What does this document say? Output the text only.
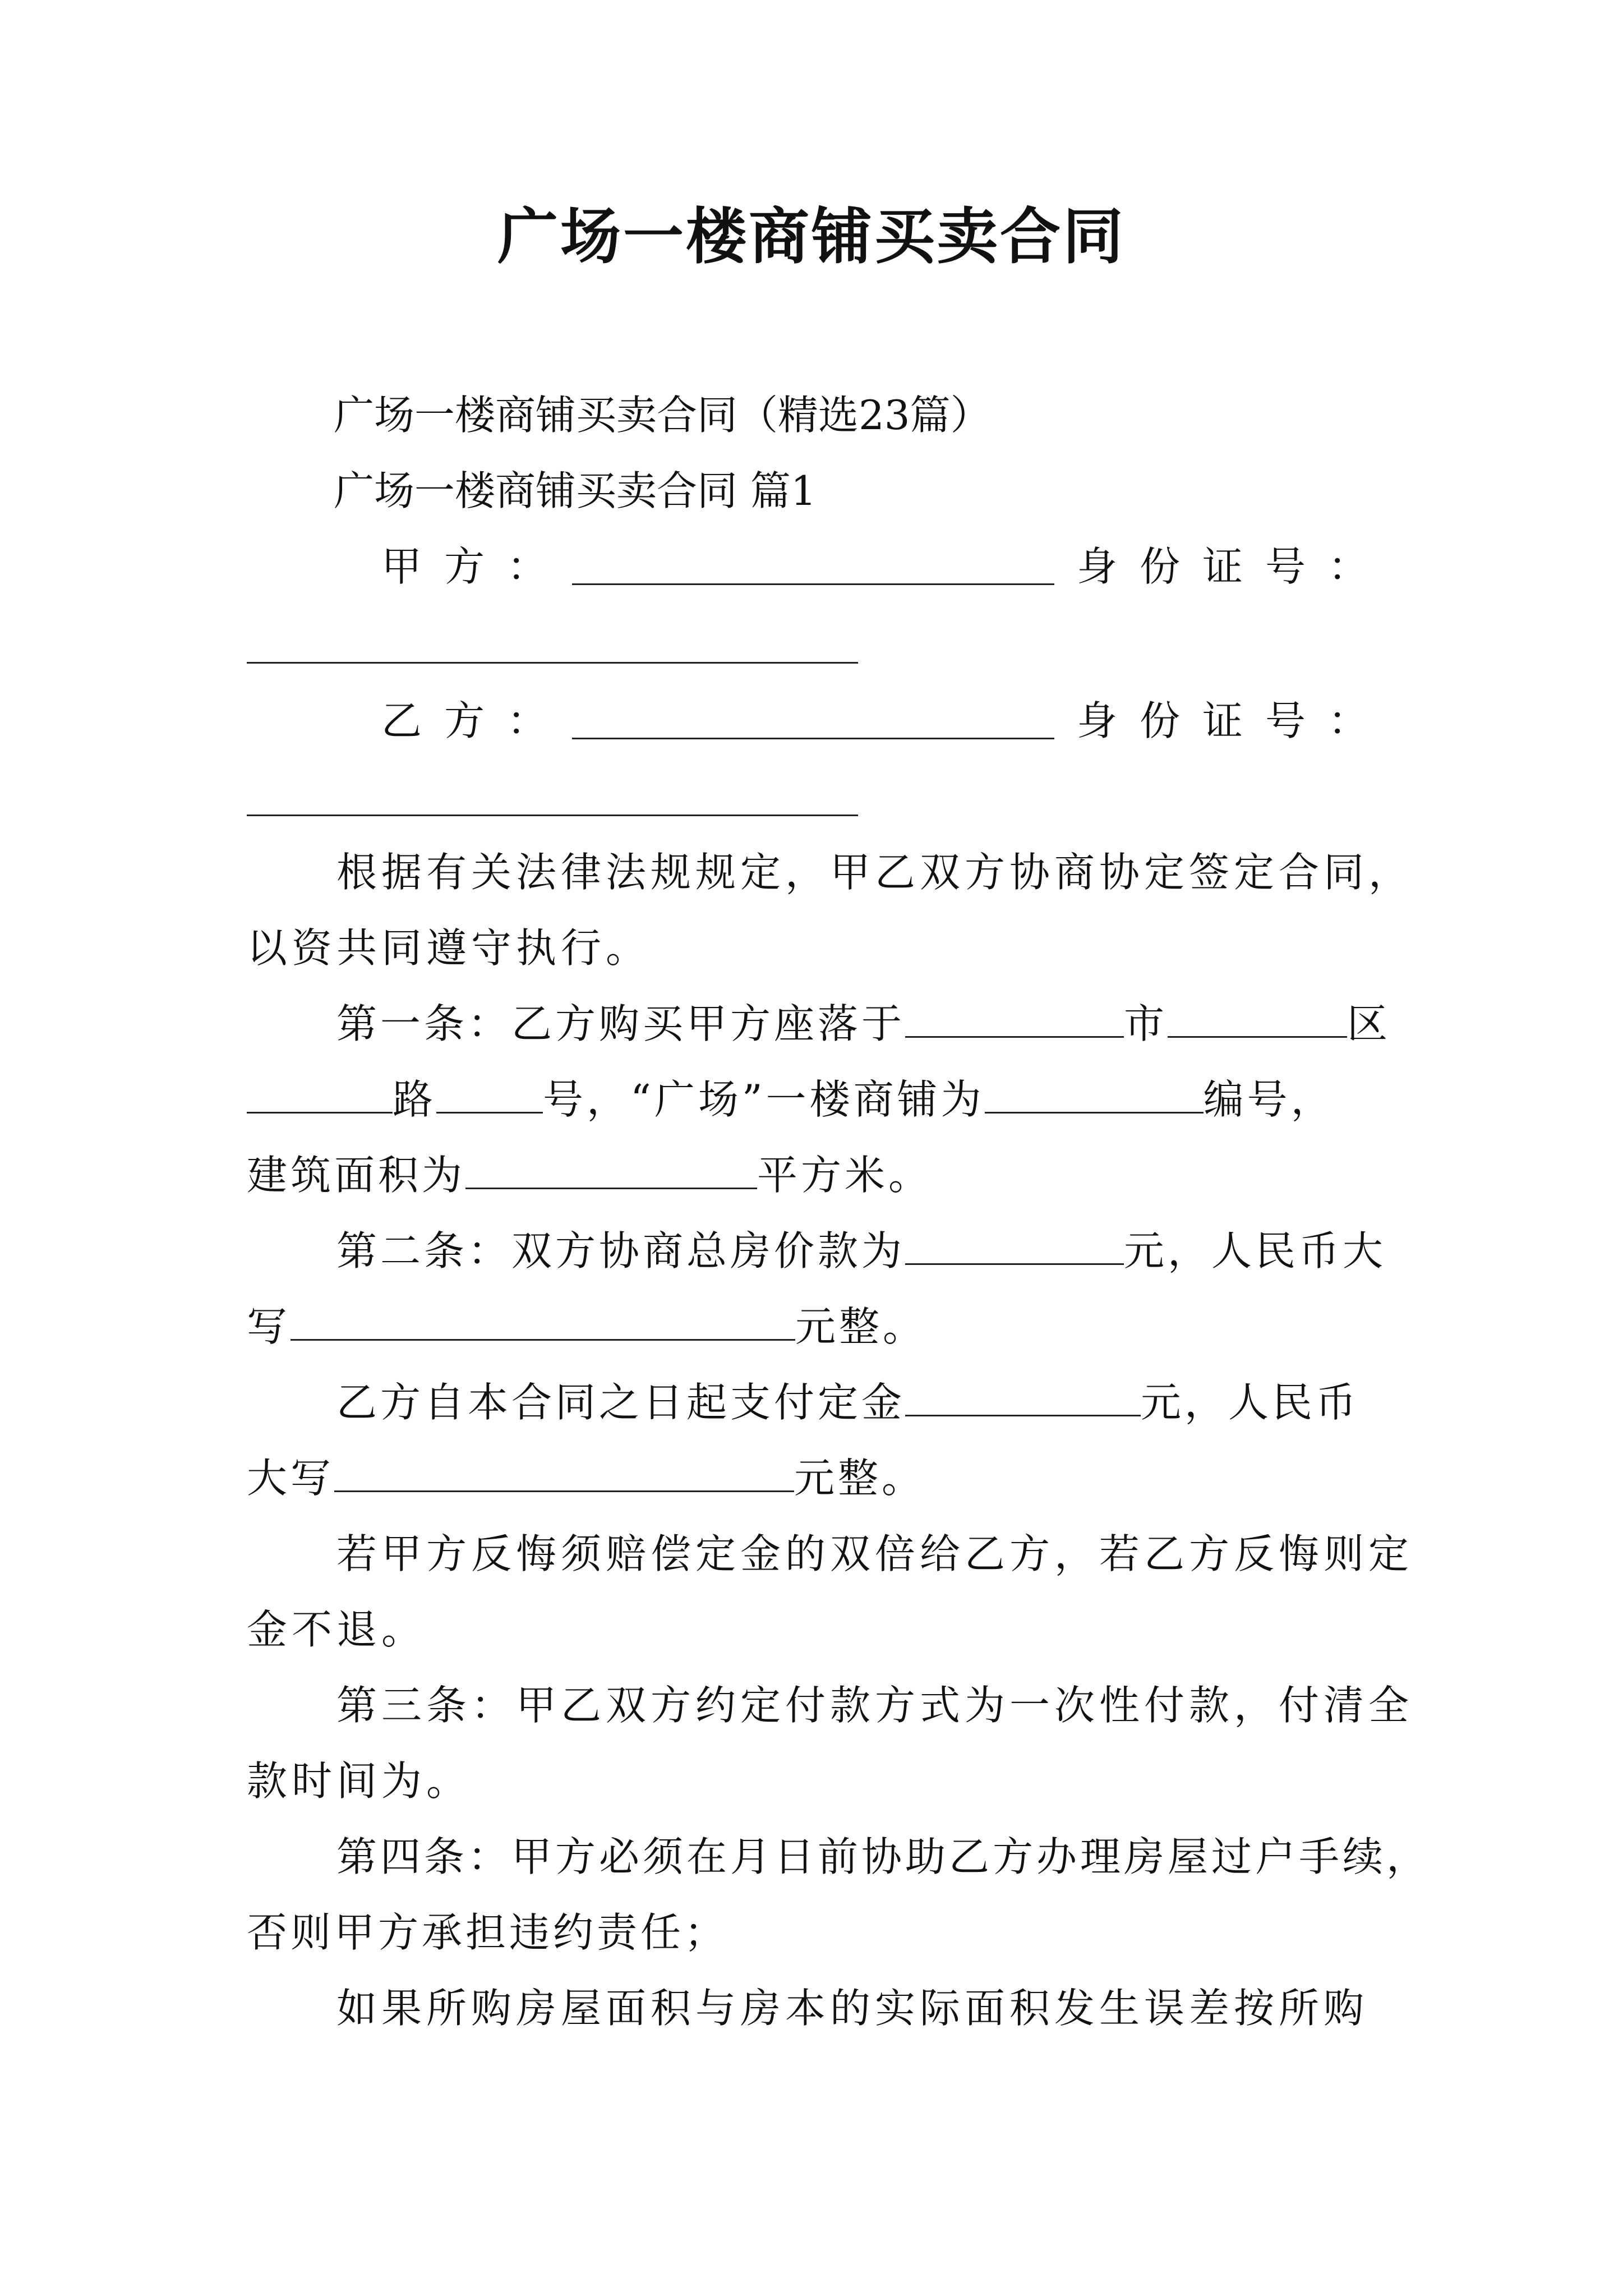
广场一楼商铺买卖合同
广场一楼商铺买卖合同（精选23篇）
广场一楼商铺买卖合同 篇1
甲方：	身份证号：
乙方：	身份证号：
根据有关法律法规规定，甲乙双方协商协定签定合同，
以资共同遵守执行。
第一条：乙方购买甲方座落于	市	区
路	号，“广场”一楼商铺为	编号，
建筑面积为	平方米。
第二条：双方协商总房价款为	元，人民币大
写	元整。
乙方自本合同之日起支付定金	元，人民币
大写	元整。
若甲方反悔须赔偿定金的双倍给乙方，若乙方反悔则定
金不退。
第三条：甲乙双方约定付款方式为一次性付款，付清全
款时间为。
第四条：甲方必须在月日前协助乙方办理房屋过户手续，
否则甲方承担违约责任；
如果所购房屋面积与房本的实际面积发生误差按所购
